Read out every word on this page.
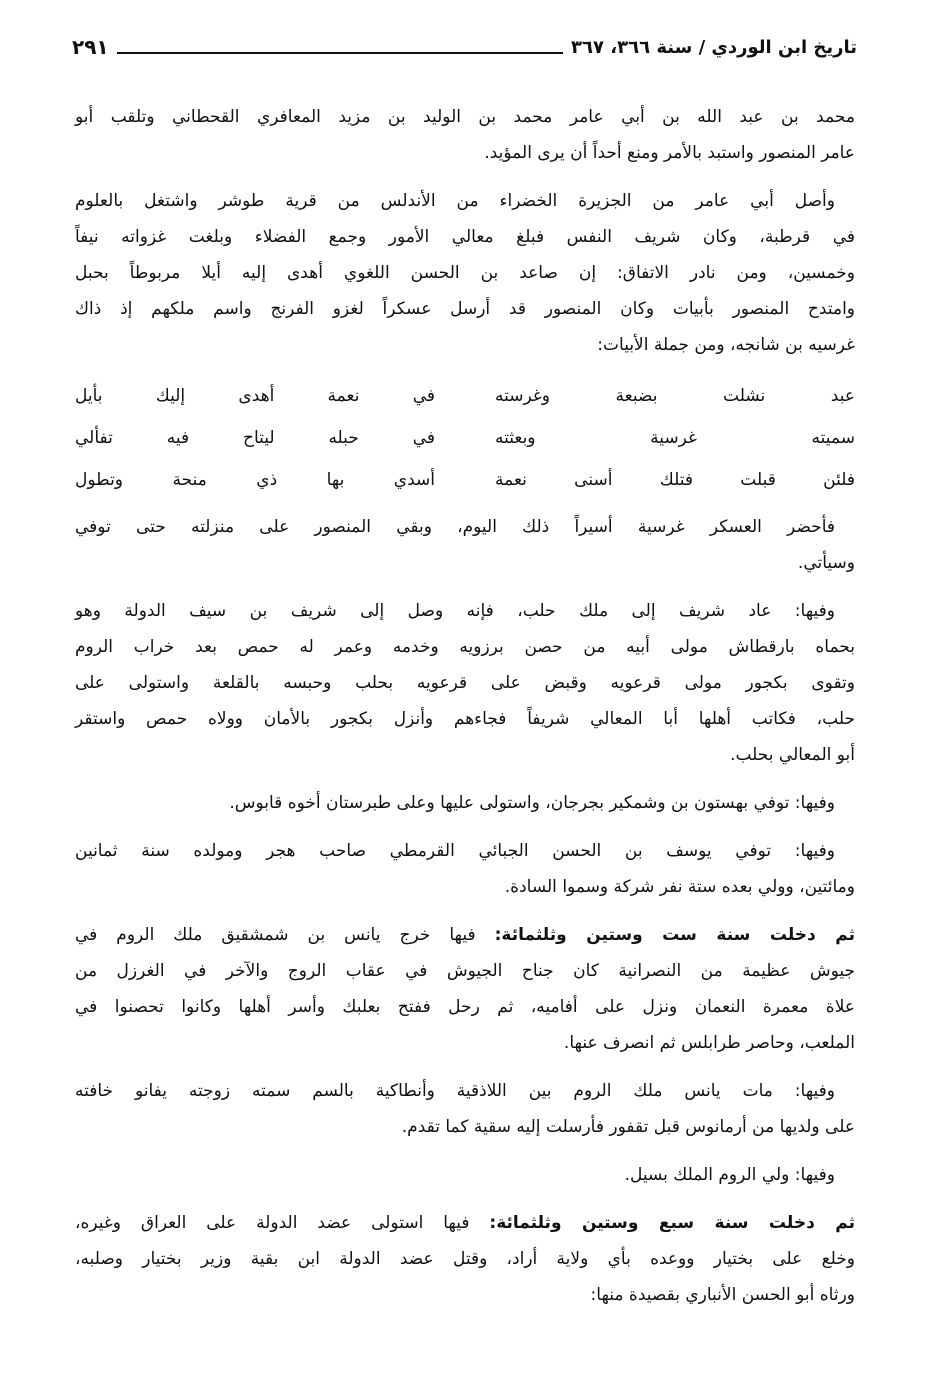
تاريخ ابن الوردي / سنة ٣٦٦، ٣٦٧
٢٩١
محمد بن عبد الله بن أبي عامر محمد بن الوليد بن مزيد المعافري القحطاني وتلقب أبو
عامر المنصور واستبد بالأمر ومنع أحداً أن يرى المؤيد.
وأصل أبي عامر من الجزيرة الخضراء من الأندلس من قرية طوشر واشتغل بالعلوم
في قرطبة، وكان شريف النفس فبلغ معالي الأمور وجمع الفضلاء وبلغت غزواته نيفاً
وخمسين، ومن نادر الاتفاق: إن صاعد بن الحسن اللغوي أهدى إليه أيلا مربوطاً بحبل
وامتدح المنصور بأبيات وكان المنصور قد أرسل عسكراً لغزو الفرنج واسم ملكهم إذ ذاك
غرسيه بن شانجه، ومن جملة الأبيات:
عبد نشلت بضبعة وغرسته
في نعمة أهدى إليك بأيل
سميته غرسية وبعثته
في حبله ليتاح فيه تفألي
فلئن قبلت فتلك أسنى نعمة
أسدي بها ذي منحة وتطول
فأحضر العسكر غرسية أسيراً ذلك اليوم، وبقي المنصور على منزلته حتى توفي
وسيأتي.
وفيها: عاد شريف إلى ملك حلب، فإنه وصل إلى شريف بن سيف الدولة وهو
بحماه بارقطاش مولى أبيه من حصن برزويه وخدمه وعمر له حمص بعد خراب الروم
وتقوى بكجور مولى قرعويه وقبض على قرعويه بحلب وحبسه بالقلعة واستولى على
حلب، فكاتب أهلها أبا المعالي شريفاً فجاءهم وأنزل بكجور بالأمان وولاه حمص واستقر
أبو المعالي بحلب.
وفيها: توفي بهستون بن وشمكير بجرجان، واستولى عليها وعلى طبرستان أخوه قابوس.
وفيها: توفي يوسف بن الحسن الجبائي القرمطي صاحب هجر ومولده سنة ثمانين
ومائتين، وولي بعده ستة نفر شركة وسموا السادة.
ثم دخلت سنة ست وستين وثلثمائة: فيها خرج يانس بن شمشقيق ملك الروم في
جيوش عظيمة من النصرانية كان جناح الجيوش في عقاب الروج والآخر في الغرزل من
علاة معمرة النعمان ونزل على أفاميه، ثم رحل ففتح بعلبك وأسر أهلها وكانوا تحصنوا في
الملعب، وحاصر طرابلس ثم انصرف عنها.
وفيها: مات يانس ملك الروم بين اللاذقية وأنطاكية بالسم سمته زوجته يفانو خافته
على ولديها من أرمانوس قبل تقفور فأرسلت إليه سقية كما تقدم.
وفيها: ولي الروم الملك بسيل.
ثم دخلت سنة سبع وستين وثلثمائة: فيها استولى عضد الدولة على العراق وغيره،
وخلع على بختيار ووعده بأي ولاية أراد، وقتل عضد الدولة ابن بقية وزير بختيار وصلبه،
ورثاه أبو الحسن الأنباري بقصيدة منها:
